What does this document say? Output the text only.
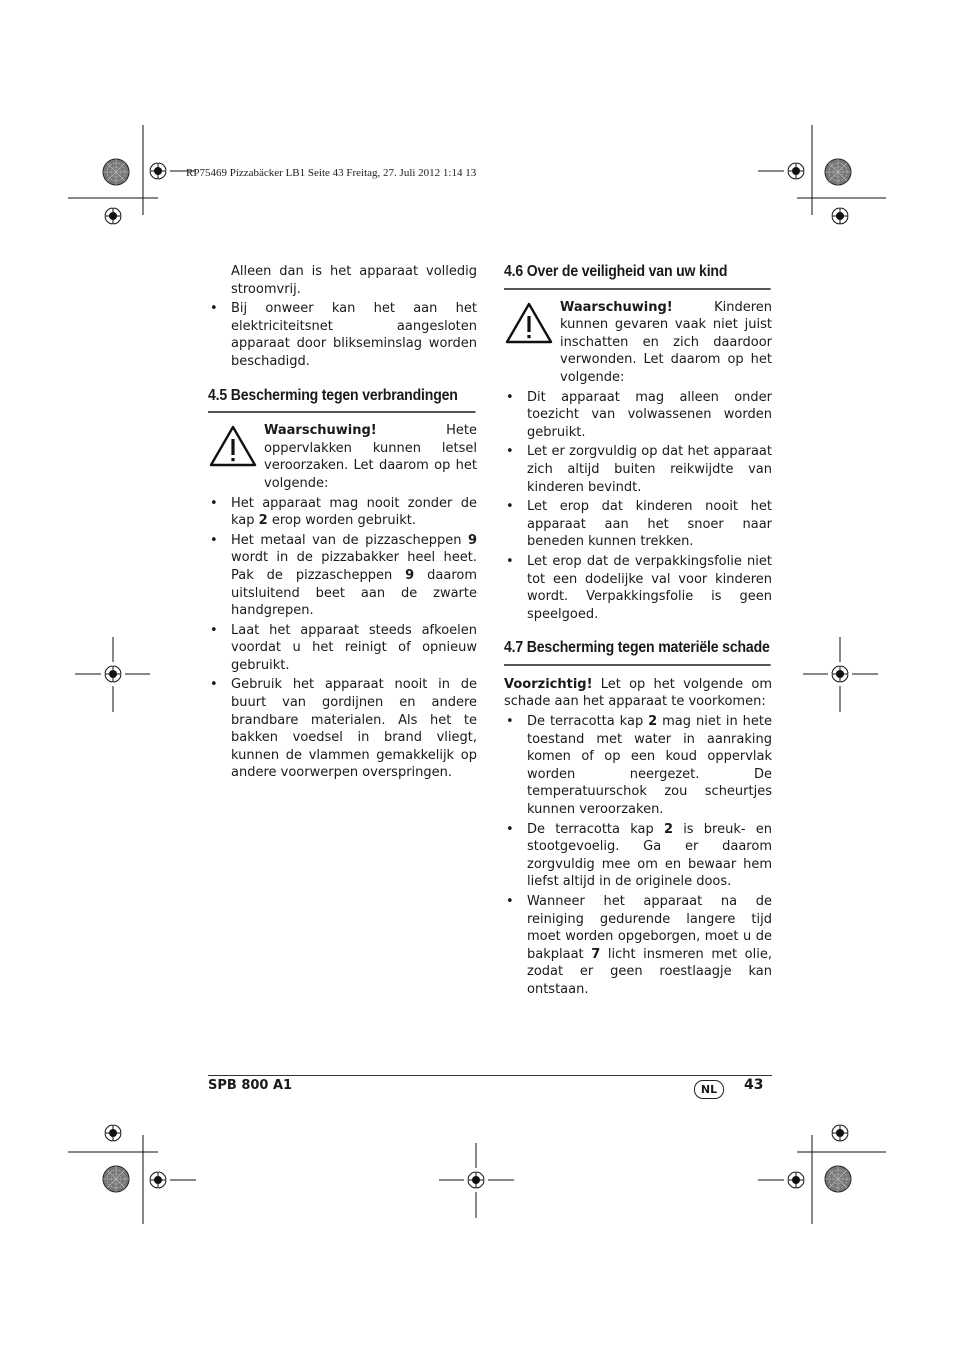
RP75469 Pizzabäcker LB1 Seite 43 Freitag, 27. Juli 2012 1:14 13

Alleen dan is het apparaat volledig stroomvrij.

• Bij onweer kan het aan het elektriciteitsnet aangesloten apparaat door blikseminslag worden beschadigd.
4.5 Bescherming tegen verbrandingen
Waarschuwing! Hete oppervlakken kunnen letsel veroorzaken. Let daarom op het volgende:
• Het apparaat mag nooit zonder de kap 2 erop worden gebruikt.
• Het metaal van de pizzascheppen 9 wordt in de pizzabakker heel heet. Pak de pizzascheppen 9 daarom uitsluitend beet aan de zwarte handgrepen.
• Laat het apparaat steeds afkoelen voordat u het reinigt of opnieuw gebruikt.
• Gebruik het apparaat nooit in de buurt van gordijnen en andere brandbare materialen. Als het te bakken voedsel in brand vliegt, kunnen de vlammen gemakkelijk op andere voorwerpen overspringen.
4.6 Over de veiligheid van uw kind
Waarschuwing! Kinderen kunnen gevaren vaak niet juist inschatten en zich daardoor verwonden. Let daarom op het volgende:
• Dit apparaat mag alleen onder toezicht van volwassenen worden gebruikt.
• Let er zorgvuldig op dat het apparaat zich altijd buiten reikwijdte van kinderen bevindt.
• Let erop dat kinderen nooit het apparaat aan het snoer naar beneden kunnen trekken.
• Let erop dat de verpakkingsfolie niet tot een dodelijke val voor kinderen wordt. Verpakkingsfolie is geen speelgoed.
4.7 Bescherming tegen materiële schade

Voorzichtig! Let op het volgende om schade aan het apparaat te voorkomen:

• De terracotta kap 2 mag niet in hete toestand met water in aanraking komen of op een koud oppervlak worden neergezet. De temperatuurschok zou scheurtjes kunnen veroorzaken.
• De terracotta kap 2 is breuk- en stootgevoelig. Ga er daarom zorgvuldig mee om en bewaar hem liefst altijd in de originele doos.
• Wanneer het apparaat na de reiniging gedurende langere tijd moet worden opgeborgen, moet u de bakplaat 7 licht insmeren met olie, zodat er geen roestlaagje kan ontstaan.
SPB 800 A1	NL	43
